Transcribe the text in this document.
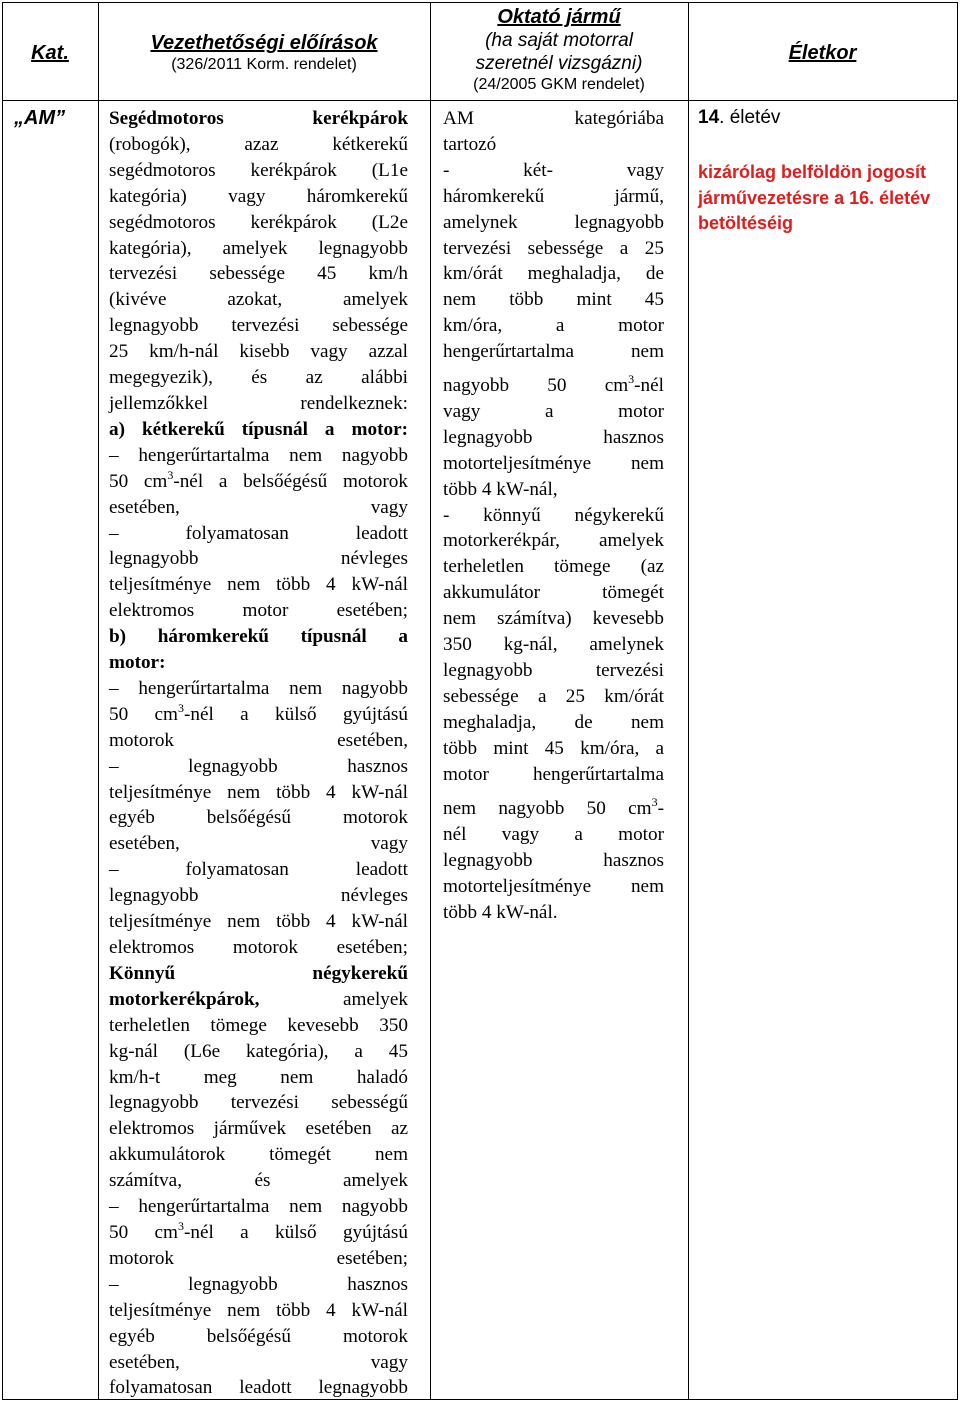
Kat.	Vezethetőségi előírások
(326/2011 Korm. rendelet)
Oktató jármű
(ha saját motorral
szeretnél vizsgázni)
(24/2005 GKM rendelet)
Életkor
„AM” Segédmotoros kerékpárok
(robogók), azaz kétkerekű
segédmotoros kerékpárok (L1e
kategória) vagy háromkerekű
segédmotoros kerékpárok (L2e
kategória), amelyek legnagyobb
tervezési sebessége 45 km/h
(kivéve azokat, amelyek
legnagyobb tervezési sebessége
25 km/h-nál kisebb vagy azzal
megegyezik), és az alábbi
jellemzőkkel rendelkeznek:
a) kétkerekű típusnál a motor:
– hengerűrtartalma nem nagyobb
50 $cm^3$-nél a belsőégésű motorok
esetében, vagy
– folyamatosan leadott
legnagyobb névleges
teljesítménye nem több 4 kW-nál
elektromos motor esetében;
b) háromkerekű típusnál a
motor:
– hengerűrtartalma nem nagyobb
50 $cm^3$-nél a külső gyújtású
motorok esetében,
– legnagyobb hasznos
teljesítménye nem több 4 kW-nál
egyéb belsőégésű motorok
esetében, vagy
– folyamatosan leadott
legnagyobb névleges
teljesítménye nem több 4 kW-nál
elektromos motorok esetében;
Könnyű négykerekű
motorkerékpárok, amelyek
terheletlen tömege kevesebb 350
kg-nál (L6e kategória), a 45
km/h-t meg nem haladó
legnagyobb tervezési sebességű
elektromos járművek esetében az
akkumulátorok tömegét nem
számítva, és amelyek
– hengerűrtartalma nem nagyobb
50 $cm^3$-nél a külső gyújtású
motorok esetében;
– legnagyobb hasznos
teljesítménye nem több 4 kW-nál
egyéb belsőégésű motorok
esetében, vagy
folyamatosan leadott legnagyobb
AM kategóriába
tartozó
- két- vagy
háromkerekű jármű,
amelynek legnagyobb
tervezési sebessége a 25
km/órát meghaladja, de
nem több mint 45
km/óra, a motor
hengerűrtartalma nem
nagyobb 50 $cm^3$-nél
vagy a motor
legnagyobb hasznos
motorteljesítménye nem
több 4 kW-nál,
- könnyű négykerekű
motorkerékpár, amelyek
terheletlen tömege (az
akkumulátor tömegét
nem számítva) kevesebb
350 kg-nál, amelynek
legnagyobb tervezési
sebessége a 25 km/órát
meghaladja, de nem
több mint 45 km/óra, a
motor hengerűrtartalma
nem nagyobb 50 $cm^3-$
nél vagy a motor
legnagyobb hasznos
motorteljesítménye nem
több 4 kW-nál.
14. életév
kizárólag belföldön jogosít járművezetésre a 16. életév betöltéséig
